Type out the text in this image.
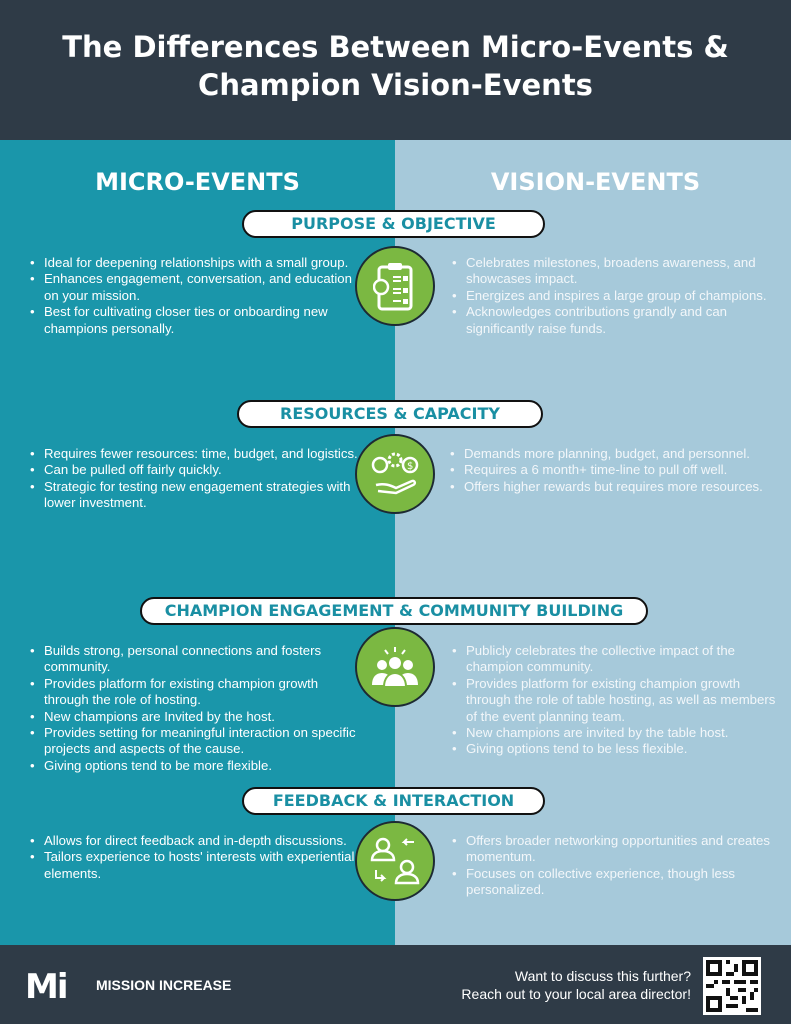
The Differences Between Micro-Events &
Champion Vision-Events
MICRO-EVENTS	VISION-EVENTS
PURPOSE & OBJECTIVE
• Ideal for deepening relationships with a small group.
• Enhances engagement, conversation, and education on your mission.
• Best for cultivating closer ties or onboarding new champions personally.
• Celebrates milestones, broadens awareness, and showcases impact.
• Energizes and inspires a large group of champions.
• Acknowledges contributions grandly and can significantly raise funds.
RESOURCES & CAPACITY
$
• Requires fewer resources: time, budget, and logistics.
• Can be pulled off fairly quickly.
• Strategic for testing new engagement strategies with lower investment.
• Demands more planning, budget, and personnel.
• Requires a 6 month+ time-line to pull off well.
• Offers higher rewards but requires more resources.
CHAMPION ENGAGEMENT & COMMUNITY BUILDING
• Builds strong, personal connections and fosters community.
• Provides platform for existing champion growth through the role of hosting.
• New champions are Invited by the host.
• Provides setting for meaningful interaction on specific projects and aspects of the cause.
• Giving options tend to be more flexible.
• Publicly celebrates the collective impact of the champion community.
• Provides platform for existing champion growth through the role of table hosting, as well as members of the event planning team.
• New champions are invited by the table host.
• Giving options tend to be less flexible.
FEEDBACK & INTERACTION
• Allows for direct feedback and in-depth discussions.
• Tailors experience to hosts' interests with experiential elements.
• Offers broader networking opportunities and creates momentum.
• Focuses on collective experience, though less personalized.
Mi MISSION INCREASE
Want to discuss this further?
Reach out to your local area director!
